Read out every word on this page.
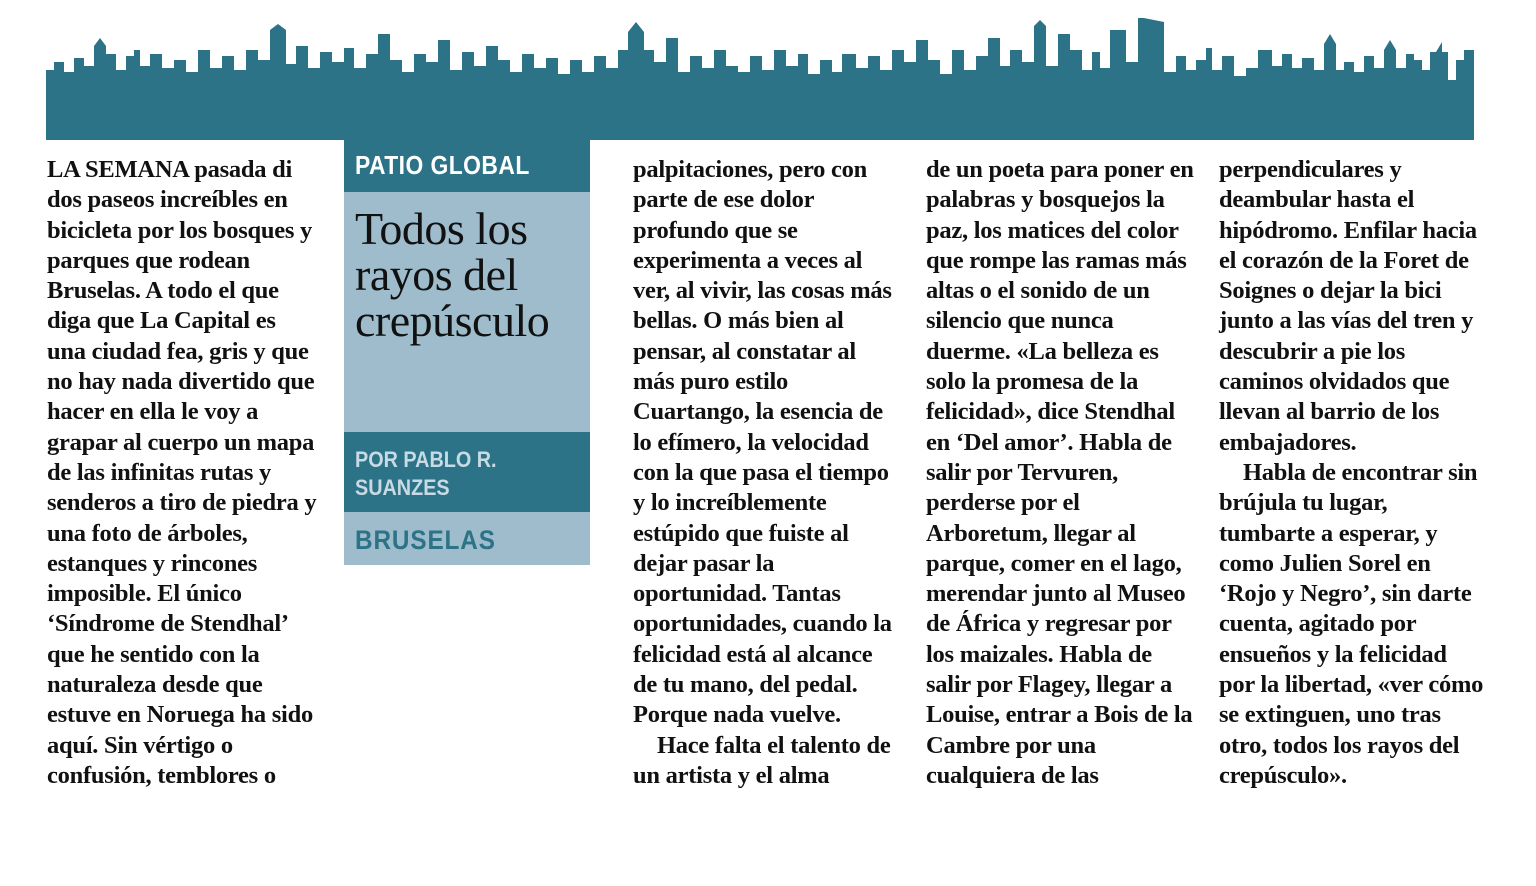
LA SEMANA pasada di dos paseos increíbles en bicicleta por los bosques y parques que rodean Bruselas. A todo el que diga que La Capital es una ciudad fea, gris y que no hay nada divertido que hacer en ella le voy a grapar al cuerpo un mapa de las infinitas rutas y senderos a tiro de piedra y una foto de árboles, estanques y rincones imposible. El único ‘Síndrome de Stendhal’ que he sentido con la naturaleza desde que estuve en Noruega ha sido aquí. Sin vértigo o confusión, temblores o

PATIO GLOBAL
Todos los rayos del crepúsculo
POR PABLO R. SUANZES
BRUSELAS

palpitaciones, pero con parte de ese dolor profundo que se experimenta a veces al ver, al vivir, las cosas más bellas. O más bien al pensar, al constatar al más puro estilo Cuartango, la esencia de lo efímero, la velocidad con la que pasa el tiempo y lo increíblemente estúpido que fuiste al dejar pasar la oportunidad. Tantas oportunidades, cuando la felicidad está al alcance de tu mano, del pedal. Porque nada vuelve.

Hace falta el talento de un artista y el alma

de un poeta para poner en palabras y bosquejos la paz, los matices del color que rompe las ramas más altas o el sonido de un silencio que nunca duerme. «La belleza es solo la promesa de la felicidad», dice Stendhal en ‘Del amor’. Habla de salir por Tervuren, perderse por el Arboretum, llegar al parque, comer en el lago, merendar junto al Museo de África y regresar por los maizales. Habla de salir por Flagey, llegar a Louise, entrar a Bois de la Cambre por una cualquiera de las

perpendiculares y deambular hasta el hipódromo. Enfilar hacia el corazón de la Foret de Soignes o dejar la bici junto a las vías del tren y descubrir a pie los caminos olvidados que llevan al barrio de los embajadores.

Habla de encontrar sin brújula tu lugar, tumbarte a esperar, y como Julien Sorel en ‘Rojo y Negro’, sin darte cuenta, agitado por ensueños y la felicidad por la libertad, «ver cómo se extinguen, uno tras otro, todos los rayos del crepúsculo».
